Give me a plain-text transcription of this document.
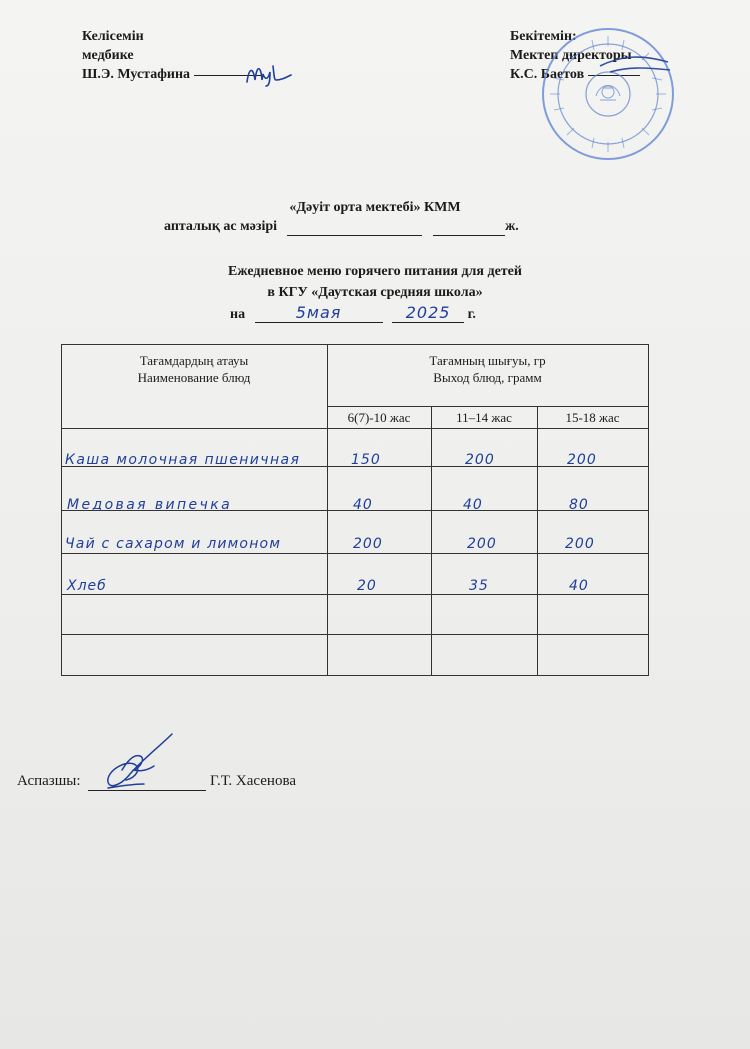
Келісемін
медбике
Ш.Э. Мустафина
Бекітемін:
Мектеп директоры
К.С. Баетов
«Дәуіт орта мектебі» КММ
апталық ас мәзірі	ж.
Ежедневное меню горячего питания для детей
в КГУ «Даутская средняя школа»
на	5мая	2025 г.
Тағамдардың атауы
Наименование блюд
Тағамның шығуы, гр
Выход блюд, грамм
6(7)-10 жас	11–14 жас	15-18 жас
Каша молочная пшеничная	150	200	200
Медовая випечка	40	40	80
Чай с сахаром и лимоном	200	200	200
Хлеб	20	35	40
Аспазшы:	Г.Т. Хасенова
